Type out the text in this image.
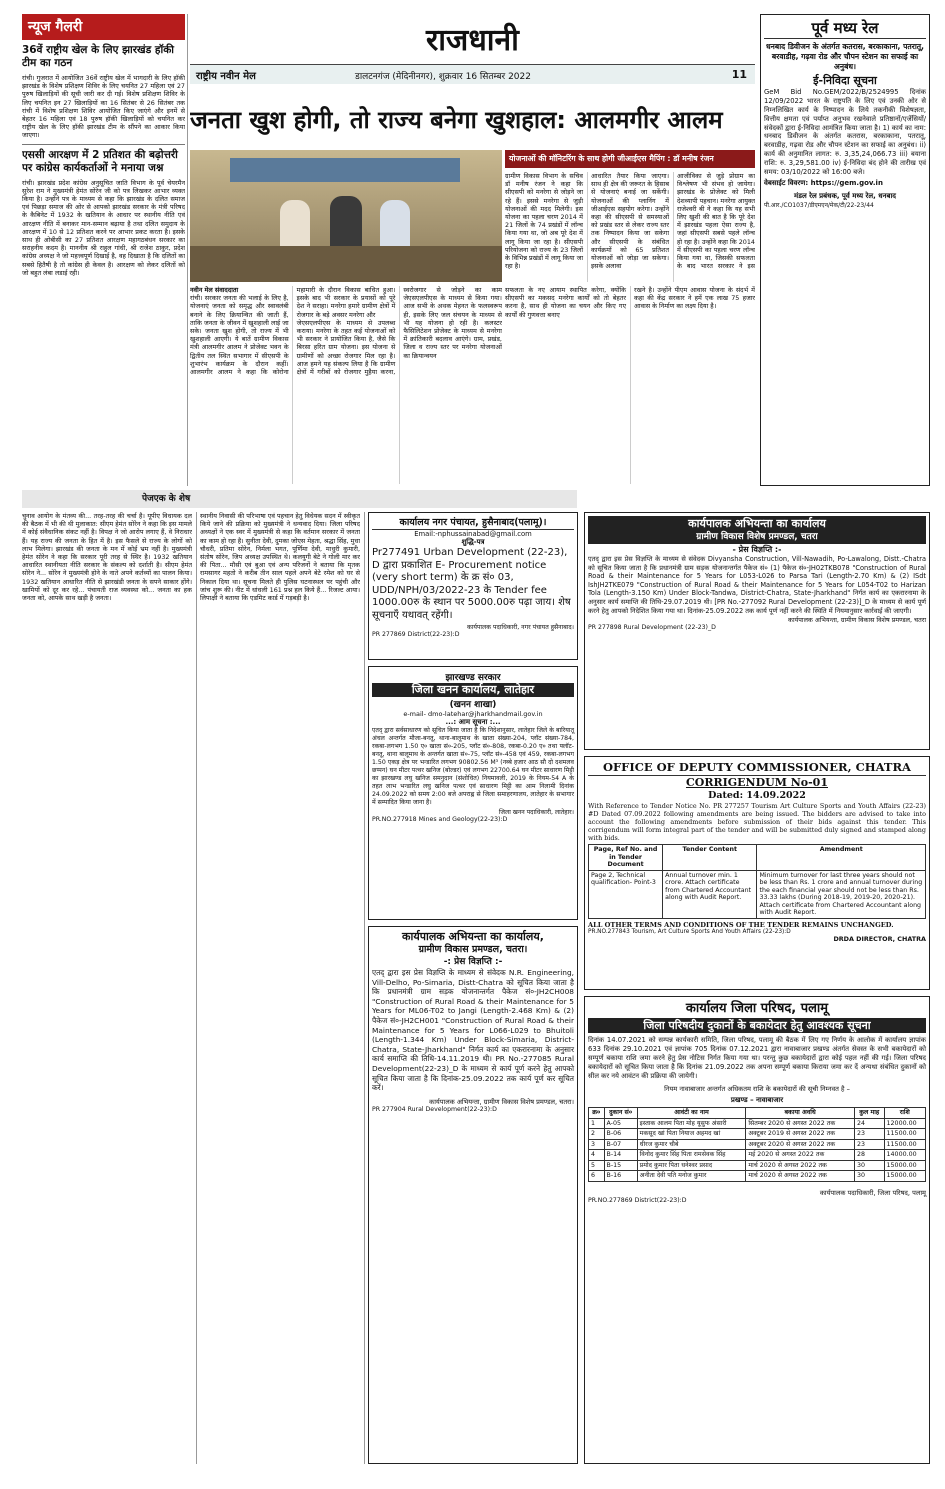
राजधानी
राष्ट्रीय नवीन मेल	डालटनगंज (मेदिनीनगर), शुक्रवार 16 सितम्बर 2022	11
न्यूज गैलरी
36वें राष्ट्रीय खेल के लिए झारखंड हॉकी टीम का गठन
रांची। गुजरात में आयोजित 36वें राष्ट्रीय खेल में भागदारी के लिए हॉकी झारखंड के विशेष प्रशिक्षण शिविर के लिए चयनित 27 महिला एवं 27 पुरुष खिलाड़ियों की सूची जारी कर दी गई। विशेष प्रशिक्षण शिविर के लिए चयनित इन 27 खिलाड़ियों का 16 सितंबर से 26 सितंबर तक रांची में विशेष प्रशिक्षण शिविर आयोजित किए जाएंगे और इनमें से बेहतर 16 महिला एवं 18 पुरुष हॉकी खिलाड़ियों को चयनित कर राष्ट्रीय खेल के लिए हॉकी झारखंड टीम के सौंपने का आकार किया जाएगा।
एससी आरक्षण में 2 प्रतिशत की बढ़ोत्तरी पर कांग्रेस कार्यकर्ताओं ने मनाया जश्न
रांची। झारखंड प्रदेश कांग्रेस अनुसूचित जाति विभाग के पूर्व चेयरमैन सुरेश राम ने मुख्यमंत्री हेमंत सोरेन जी को पत्र लिखकर आभार व्यक्त किया है। उन्होंने पत्र के माध्यम से कहा कि झारखंड के दलित समाज एवं पिछड़ा समाज की ओर से आपको झारखंड सरकार के मंत्री परिषद के कैबिनेट में 1932 के खतियान के आधार पर स्थानीय नीति एवं आरक्षण नीति में बनाकर मान-सम्मान बढ़ाया है तथा दलित समुदाय के आरक्षण में 10 से 12 प्रतिशत करने पर आभार प्रकट करता है। इसके साथ ही ओबीसी का 27 प्रतिशत आरक्षण महागठबंधन सरकार का सराहनीय कदम है। माननीय श्री राहुल गांधी, श्री राजेश ठाकुर, प्रदेश कांग्रेस अध्यक्ष ने जो महत्त्वपूर्ण दिखाई है, वह दिखाता है कि दलितों का सबसे हितैषी है तो कांग्रेस ही केवल है। आरक्षण को लेकर दलितों को जो बहुत लंबा लडाई रही।
जनता खुश होगी, तो राज्य बनेगा खुशहाल: आलमगीर आलम
योजनाओं की मॉनिटरिंग के साथ होगी जीआईएस मैपिंग : डॉ मनीष रंजन
ग्रामीण विकास विभाग के सचिव डॉ मनीष रंजन ने कहा कि सीएसपी को मनरेगा से जोड़ने जा रहे हैं। इससे मनरेगा से जुड़ी योजनाओं की मदद मिलेगी। इस योजना का पहला चरण 2014 में 21 जिलों के 74 प्रखंडों में लॉन्च किया गया था, जो अब पूरे देश में लागू किया जा रहा है। सीएसपी परियोजना को राज्य के 23 जिलों के विभिन्न प्रखंडों में लागू किया जा रहा है।
आधारित तैयार किया जाएगा। साथ ही क्षेत्र की जरूरत के हिसाब से योजनाएं बनाई जा सकेंगी। योजनाओं की प्लानिंग में जीआईएस सहयोग करेगा। उन्होंने कहा की सीएसपी से समस्याओं को प्रखंड स्तर से लेकर राज्य स्तर तक निष्पादन किया जा सकेगा और सीएसपी के संबंधित कार्यक्रमों को 65 प्रतिशत योजनाओं को जोड़ा जा सकेगा। इसके अलावा
आजीविका से जुड़े प्रोग्राम का विश्लेषण भी संभव हो जायेगा। झारखंड के प्रोजेक्ट को मिली देशव्यापी पहचान। मनरेगा आयुक्त राजेश्वरी बी ने कहा कि यह सभी लिए खुशी की बात है कि पूरे देश में झारखंड पहला ऐसा राज्य है, जहां सीएसपी सबसे पहले लॉन्च हो रहा है। उन्होंने कहा कि 2014 में सीएसपी का पहला चरण लॉन्च किया गया था, जिसकी सफलता के बाद भारत सरकार ने इस
नवीन मेल संवाददाता
रांची। सरकार जनता की भलाई के लिए है, योजनाएं जनता को समृद्ध और स्वावलंबी बनाने के लिए क्रियान्वित की जाती हैं, ताकि जनता के जीवन में खुशहाली लाई जा सके। जनता खुश होगी, तो राज्य में भी खुशहाली आएगी। ये बातें ग्रामीण विकास मंत्री आलमगीर आलम ने प्रोजेक्ट भवन के द्वितीय तल स्थित सभागार में सीएसपी के शुभारंभ कार्यक्रम के दौरान कहीं। आलमगीर आलम ने कहा कि कोरोना महामारी के दौरान विकास बाधित हुआ। इसके बाद भी सरकार के प्रयासों को पूरे देश ने सराहा। मनरेगा हमारे ग्रामीण क्षेत्रों में रोजगार के बड़े अवसर मनरेगा और
जेएसएलपीएस के माध्यम से उपलब्ध कराया। मनरेगा के तहत कई योजनाओं को भी सरकार ने प्रायोजित किया है, जैसे कि बिरसा हरित ग्राम योजना। इस योजना से ग्रामीणों को अच्छा रोजगार मिल रहा है। आज हमने यह संकल्प लिया है कि ग्रामीण क्षेत्रों में गरीबों को रोजगार मुहैया करना, स्वरोजगार से जोड़ने का काम जेएसएलपीएस के माध्यम से किया गया। आज सभी के अथक मेहनत के फलस्वरूप ही, इसके लिए जल संचयन के माध्यम से भी यह योजना हो रही है। कलस्टर फैसिलिटेशन प्रोजेक्ट के माध्यम से मनरेगा में क्रांतिकारी बदलाव आएंगे। ग्राम, प्रखंड, जिला व राज्य स्तर पर मनरेगा योजनाओं का क्रियान्वयन
सफलता के नए आयाम स्थापित करेगा, क्योंकि सीएसपी का मकसद मनरेगा कार्यों को तो बेहतर करना है, साथ ही योजना का चयन और किए गए कार्यों की गुणवत्ता बनाए
रखने है। उन्होंने पीएम आवास योजना के संदर्भ में कहा की केंद्र सरकार ने हमें एक लाख 75 हजार आवास के निर्माण का लक्ष्य दिया है।
पूर्व मध्य रेल
धनबाद डिवीजन के अंतर्गत कतरास, बरकाकाना, पतरातू, बरवाडीह, गढ़वा रोड और चौपन स्टेशन का सफाई का अनुबंध।
ई-निविदा सूचना
GeM Bid No.GEM/2022/B/2524995 दिनांक 12/09/2022 भारत के राष्ट्रपति के लिए एवं उनकी ओर से निम्नलिखित कार्य के निष्पादन के लिये तकनीकी विशेषज्ञता, वित्तीय क्षमता एवं पर्याप्त अनुभव रखनेवाले प्रतिष्ठानों/एजेंसियों/संवेदकों द्वारा ई-निविदा आमंत्रित किया जाता है। 1) कार्य का नाम: धनबाद डिवीजन के अंतर्गत कतरास, बरकाकाना, पतरातू, बरवाडीह, गढ़वा रोड और चौपन स्टेशन का सफाई का अनुबंध। ii) कार्य की अनुमानित लागत: रु. 3,35,24,066.73 iii) बयाना राशि: रु. 3,29,581.00 iv) ई-निविदा बंद होने की तारीख एवं समय: 03/10/2022 को 16:00 बजे।
वेबसाईट विवरण: https://gem.gov.in
मंडल रेल प्रबंधक, पूर्व मध्य रेल, धनबाद
पी.आर./CO1037/डीएमएन/मेक/टी/22-23/44
पेजएक के शेष
चुनाव आयोग के मंतव्य की... तरह-तरह की चर्चा है। यूपीए विधायक दल की बैठक में भी की थी मुलाकात: सीएम हेमंत सोरेन ने कहा कि इस मामले में कोई संवैधानिक संकट नहीं है। विपक्ष ने जो आरोप लगाए हैं, वे निराधार हैं। यह राज्य की जनता के हित में है। इस फैसले से राज्य के लोगों को लाभ मिलेगा। झारखंड की जनता के मन में कोई भ्रम नहीं है। मुख्यमंत्री हेमंत सोरेन ने कहा कि सरकार पूरी तरह से स्थिर है। 1932 खतियान आधारित स्थानीयता नीति सरकार के संकल्प को दर्शाती है। सीएम हेमंत सोरेन ने... सोरेन ने मुख्यमंत्री होने के नाते अपने कर्तव्यों का पालन किया। 1932 खतियान आधारित नीति से झारखंडी जनता के सपने साकार होंगे। खामियों को दूर कर रहे... पंचायती राज व्यवस्था को... जनता का हक जनता को, आपके साथ खड़ी है जनता।
स्थानीय निवासी की परिभाषा एवं पहचान हेतु विधेयक सदन में स्वीकृत किये जाने की प्रक्रिया को मुख्यमंत्री ने धन्यवाद दिया। जिला परिषद अध्यक्षों ने एक स्वर में मुख्यमंत्री से कहा कि वर्तमान सरकार में जनता का काम हो रहा है। सुनीता देवी, दुमका जोएस मेहता, श्रद्धा सिंह, मुधा चौधरी, प्रतिमा सोरेन, निर्मला भगत, पूर्णिमा देवी, माधुरी कुमारी, संतोष सोरेन, जिप अध्यक्ष उपस्थित थे। कलयुगी बेटे ने गोली मार कर की पिता... मौसी एवं बुआ एवं अन्य परिजनों ने बताया कि मृतक रामसागर महतो ने करीब तीन साल पहले अपने बेटे रमेश को घर से निकाल दिया था। सूचना मिलते ही पुलिस घटनास्थल पर पहुंची और जांच शुरू की। नीट में धांधली 161 प्रश्न हल किये हैं... रिजल्ट आया। लिपाक्षी ने बताया कि एडमिट कार्ड में गड़बड़ी है।
कार्यालय नगर पंचायत, हुसैनाबाद(पलामू)।
Email:-nphussainabad@gmail.com
शुद्धि-पत्र
Pr277491 Urban Development (22-23), D द्वारा प्रकाशित E- Procurement notice (very short term) के क्र सं० 03, UDD/NPH/03/2022-23 के Tender fee 1000.00रु के स्थान पर 5000.00रु पढ़ा जाय। शेष सूचनाएँ यथावत् रहेंगी।
कार्यपालक पदाधिकारी, नगर पंचायत हुसैनाबाद।
PR 277869 District(22-23):D
झारखण्ड सरकार
जिला खनन कार्यालय, लातेहार
(खनन शाखा)
e-mail- dmo-latehar@jharkhandmail.gov.in
...: आम सूचना :...
एतद् द्वारा सर्वसाधारण को सूचित किया जाता है कि निदेशानुसार, लातेहार जिले के बारियातू अंचल अन्तर्गत मौजा-बनतू, थाना-बालूमाथ के खाता संख्या-204, प्लॉट संख्या-784, रकबा-लगभग 1.50 ए० खाता सं०-205, प्लॉट सं०-808, रकबा-0.20 ए० तथा फ्लॉट-बनतू, थाना बालूमाथ के अन्तर्गत खाता सं०-75, प्लॉट सं०-458 एवं 459, रकबा-लगभग 1.50 एकड़ क्षेत्र पर भन्डारित लगभग 90802.56 M³ (नब्बे हजार आठ सौ दो दशमलव छप्पन) घन मीटर पत्थर खनिज (बोल्डर) एवं लगभग 22700.64 घन मीटर साधारण मिट्टी का झारखण्ड लघु खनिज समनुदान (संशोधित) नियमावली, 2019 के नियम-54 A के तहत लाभ भन्डारित लघु खनिज पत्थर एवं साधारण मिट्टी का आम निलामी दिनांक 24.09.2022 को समय 2:00 बजे अपराह्न से जिला समाहरणालय, लातेहार के सभागार में सम्पादित किया जाना है।
जिला खनन पदाधिकारी, लातेहार।
PR.NO.277918 Mines and Geology(22-23):D
कार्यपालक अभियन्ता का कार्यालय,
ग्रामीण विकास प्रमण्डल, चतरा।
-: प्रेस विज्ञप्ति :-
एतद् द्वारा इस प्रेस विज्ञप्ति के माध्यम से संवेदक N.R. Engineering, Vill-Delho, Po-Simaria, Distt-Chatra को सूचित किया जाता है कि प्रधानमंत्री ग्राम सड़क योजनान्तर्गत पैकेज सं०-JH2CH008 "Construction of Rural Road & their Maintenance for 5 Years for ML06-T02 to Jangi (Length-2.468 Km) & (2) पैकेज सं०-JH2CH001 "Construction of Rural Road & their Maintenance for 5 Years for L066-L029 to Bhuitoli (Length-1.344 Km) Under Block-Simaria, District-Chatra, State-Jharkhand" निर्गत कार्य का एकरारनामा के अनुसार कार्य समाप्ति की तिथि-14.11.2019 थी। PR No.-277085 Rural Development(22-23)_D के माध्यम से कार्य पूर्ण करने हेतु आपको सूचित किया जाता है कि दिनांक-25.09.2022 तक कार्य पूर्ण कर सूचित करें।
कार्यपालक अभियन्ता, ग्रामीण विकास विशेष प्रमण्डल, चतरा।
PR 277904 Rural Development(22-23):D
कार्यपालक अभियन्ता का कार्यालय
ग्रामीण विकास विशेष प्रमण्डल, चतरा
- प्रेस विज्ञप्ति :-
एतद् द्वारा इस प्रेस विज्ञप्ति के माध्यम से संवेदक Divyansha Construction, Vill-Nawadih, Po-Lawalong, Distt.-Chatra को सूचित किया जाता है कि प्रधानमंत्री ग्राम सड़क योजनान्तर्गत पैकेज सं० (1) पैकेज सं०-JH02TKB078 "Construction of Rural Road & their Maintenance for 5 Years for L053-L026 to Parsa Tari (Length-2.70 Km) & (2) ISdt IshJH2TKE079 "Construction of Rural Road & their Maintenance for 5 Years for L054-T02 to Harizan Tola (Length-3.150 Km) Under Block-Tandwa, District-Chatra, State-Jharkhand" निर्गत कार्य का एकरारनामा के अनुसार कार्य समाप्ति की तिथि-29.07.2019 थी। [PR No.-277092 Rural Development (22-23)]_D के माध्यम से कार्य पूर्ण करने हेतु आपको निदेशित किया गया था। दिनांक-25.09.2022 तक कार्य पूर्ण नहीं करने की स्थिति में नियमानुसार कार्रवाई की जाएगी।
कार्यपालक अभियन्ता, ग्रामीण विकास विशेष प्रमण्डल, चतरा
PR 277898 Rural Development (22-23)_D
OFFICE OF DEPUTY COMMISSIONER, CHATRA
CORRIGENDUM No-01
Dated: 14.09.2022
With Reference to Tender Notice No. PR 277257 Tourism Art Culture Sports and Youth Affairs (22-23) #D Dated 07.09.2022 following amendments are being issued. The bidders are advised to take into account the following amendments before submission of their bids against this tender. This corrigendum will form integral part of the tender and will be submitted duly signed and stamped along with bids.
Page, Ref No. and in Tender Document	Tender Content	Amendment
Page 2, Technical qualification- Point-3	Annual turnover min. 1 crore. Attach certificate from Chartered Accountant along with Audit Report.	Minimum turnover for last three years should not be less than Rs. 1 crore and annual turnover during the each financial year should not be less than Rs. 33.33 lakhs (During 2018-19, 2019-20, 2020-21). Attach certificate from Chartered Accountant along with Audit Report.
ALL OTHER TERMS AND CONDITIONS OF THE TENDER REMAINS UNCHANGED.
PR.NO.277843 Tourism, Art Culture Sports And Youth Affairs (22-23):D
DRDA DIRECTOR, CHATRA
कार्यालय जिला परिषद, पलामू
जिला परिषदीय दुकानों के बकायेदार हेतु आवश्यक सूचना
दिनांक 14.07.2021 को सम्पन्न कार्यकारी समिति, जिला परिषद, पलामू की बैठक में लिए गए निर्णय के आलोक में कार्यालय ज्ञापांक 633 दिनांक 29.10.2021 एवं ज्ञापांक 705 दिनांक 07.12.2021 द्वारा नावाबाजार प्रखण्ड अंतर्गत सेवस्त के सभी बकायेदारों को सम्पूर्ण बकाया राशि जमा करने हेतु प्रेस नोटिस निर्गत किया गया था। परन्तु कुछ बकायेदारों द्वारा कोई पहल नहीं की गई। जिला परिषद बकायेदारों को सूचित किया जाता है कि दिनांक 21.09.2022 तक अपना सम्पूर्ण बकाया किराया जमा कर दें अन्यथा संबंधित दुकानों को सील कर नये आवंटन की प्रक्रिया की जायेगी।
नियम नावाबाजार अन्तर्गत अधिकतम राशि के बकायेदारों की सूची निम्नवत है –
प्रखण्ड – नावाबाजार
क्र०	दुकान सं०	आवंटी का नाम	बकाया अवधि	कुल माह	राशि
1	A-05	इस्ताक आलम पिता मोह यूसुफ अंसारी	सितम्बर 2020 से अगस्त 2022 तक	24	12000.00
2	B-06	मकसूद खां पिता नियाज अहमद खां	अक्टूबर 2019 से अगस्त 2022 तक	23	11500.00
3	B-07	धीरज कुमार चौबे	अक्टूबर 2020 से अगस्त 2022 तक	23	11500.00
4	B-14	विनोद कुमार सिंह पिता रामसेवक सिंह	मई 2020 से अगस्त 2022 तक	28	14000.00
5	B-15	प्रमोद कुमार पिता धनेश्वर प्रसाद	मार्च 2020 से अगस्त 2022 तक	30	15000.00
6	B-16	अनीता देवी पति मनोज कुमार	मार्च 2020 से अगस्त 2022 तक	30	15000.00
कार्यपालक पदाधिकारी, जिला परिषद, पलामू
PR.NO.277869 District(22-23):D
